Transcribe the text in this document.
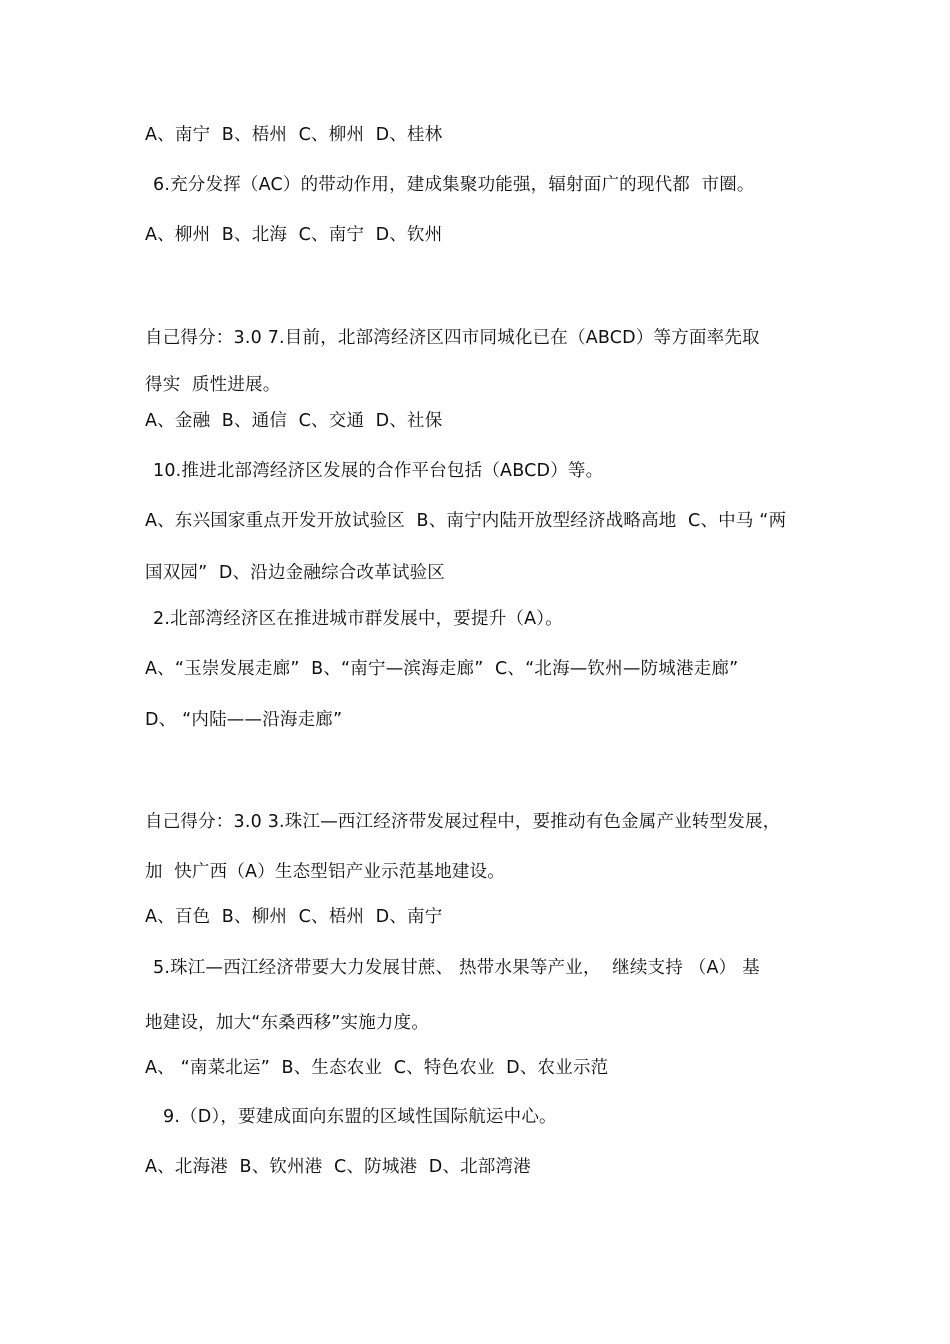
A、南宁  B、梧州  C、柳州  D、桂林
6.充分发挥（AC）的带动作用，建成集聚功能强，辐射面广的现代都  市圈。
A、柳州  B、北海  C、南宁  D、钦州
自己得分：3.0 7.目前，北部湾经济区四市同城化已在（ABCD）等方面率先取
得实  质性进展。
A、金融  B、通信  C、交通  D、社保
10.推进北部湾经济区发展的合作平台包括（ABCD）等。
A、东兴国家重点开发开放试验区  B、南宁内陆开放型经济战略高地  C、中马 “两
国双园”  D、沿边金融综合改革试验区
2.北部湾经济区在推进城市群发展中，要提升（A）。
A、“玉崇发展走廊”  B、“南宁—滨海走廊”  C、“北海—钦州—防城港走廊”
D、 “内陆——沿海走廊”
自己得分：3.0 3.珠江—西江经济带发展过程中，要推动有色金属产业转型发展，
加  快广西（A）生态型铝产业示范基地建设。
A、百色  B、柳州  C、梧州  D、南宁
5.珠江—西江经济带要大力发展甘蔗、 热带水果等产业，  继续支持 （A） 基
地建设，加大“东桑西移”实施力度。
A、 “南菜北运”  B、生态农业  C、特色农业  D、农业示范
9.（D），要建成面向东盟的区域性国际航运中心。
A、北海港  B、钦州港  C、防城港  D、北部湾港
